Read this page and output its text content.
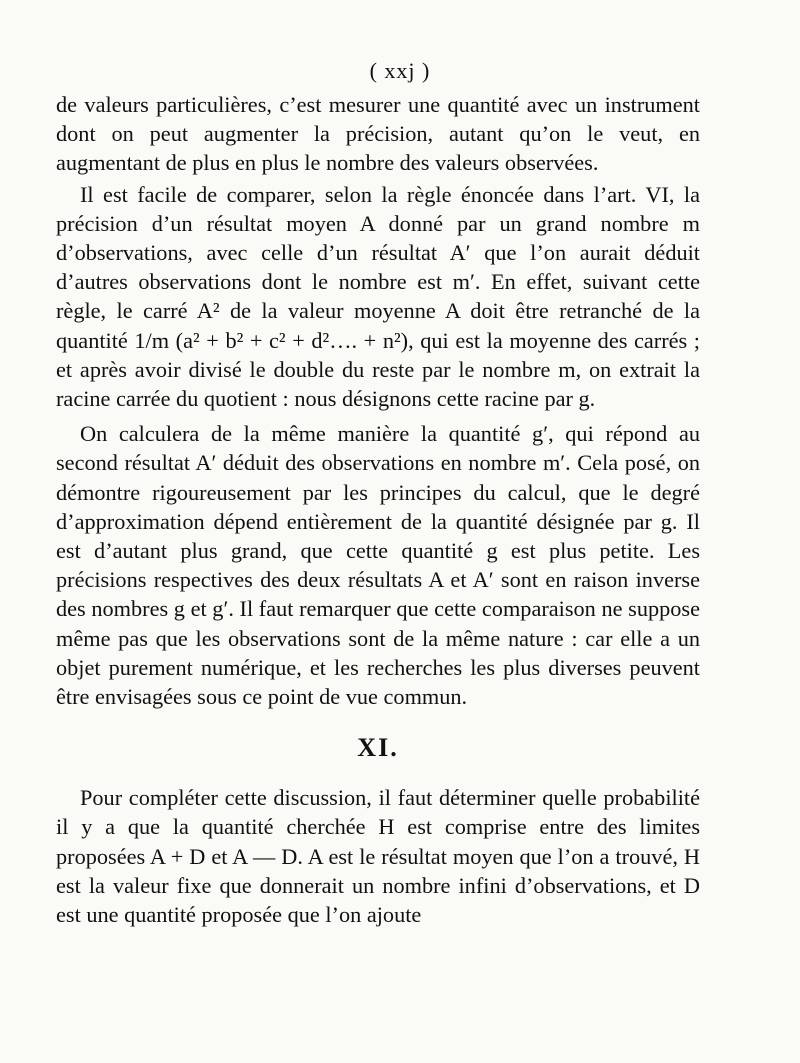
( xxj )

de valeurs particulières, c’est mesurer une quantité avec un instrument dont on peut augmenter la précision, autant qu’on le veut, en augmentant de plus en plus le nombre des valeurs observées.

Il est facile de comparer, selon la règle énoncée dans l’art. VI, la précision d’un résultat moyen A donné par un grand nombre m d’observations, avec celle d’un résultat A′ que l’on aurait déduit d’autres observations dont le nombre est m′. En effet, suivant cette règle, le carré A² de la valeur moyenne A doit être retranché de la quantité 1/m (a² + b² + c² + d²…. + n²), qui est la moyenne des carrés ; et après avoir divisé le double du reste par le nombre m, on extrait la racine carrée du quotient : nous désignons cette racine par g.

On calculera de la même manière la quantité g′, qui répond au second résultat A′ déduit des observations en nombre m′. Cela posé, on démontre rigoureusement par les principes du calcul, que le degré d’approximation dépend entièrement de la quantité désignée par g. Il est d’autant plus grand, que cette quantité g est plus petite. Les précisions respectives des deux résultats A et A′ sont en raison inverse des nombres g et g′. Il faut remarquer que cette comparaison ne suppose même pas que les observations sont de la même nature : car elle a un objet purement numérique, et les recherches les plus diverses peuvent être envisagées sous ce point de vue commun.

XI.

Pour compléter cette discussion, il faut déterminer quelle probabilité il y a que la quantité cherchée H est comprise entre des limites proposées A + D et A — D. A est le résultat moyen que l’on a trouvé, H est la valeur fixe que donnerait un nombre infini d’observations, et D est une quantité proposée que l’on ajoute
